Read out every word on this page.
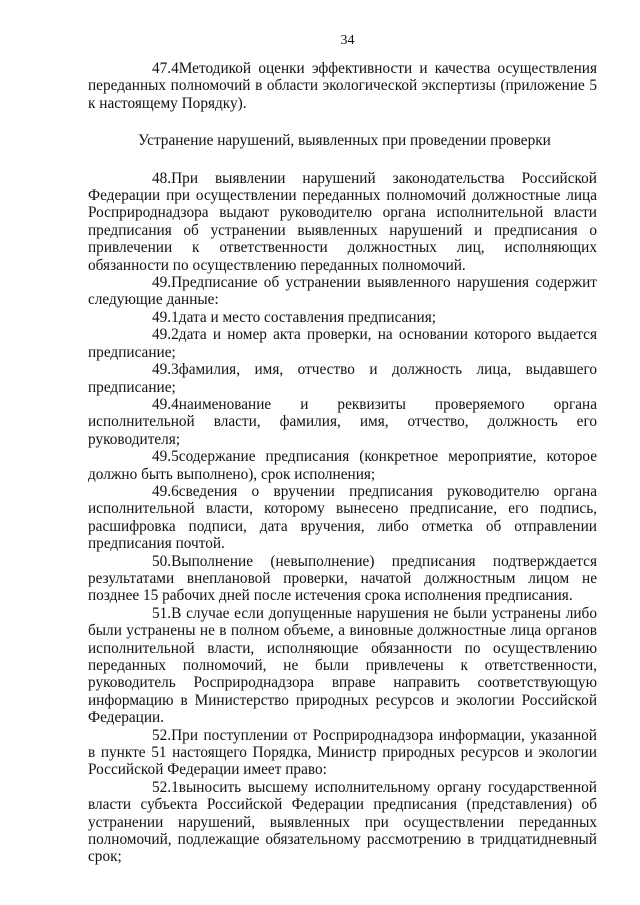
34

47.4Методикой оценки эффективности и качества осуществления переданных полномочий в области экологической экспертизы (приложение 5 к настоящему Порядку).

Устранение нарушений, выявленных при проведении проверки

48.При выявлении нарушений законодательства Российской Федерации при осуществлении переданных полномочий должностные лица Росприроднадзора выдают руководителю органа исполнительной власти предписания об устранении выявленных нарушений и предписания о привлечении к ответственности должностных лиц, исполняющих обязанности по осуществлению переданных полномочий.

49.Предписание об устранении выявленного нарушения содержит следующие данные:

49.1дата и место составления предписания;

49.2дата и номер акта проверки, на основании которого выдается предписание;

49.3фамилия, имя, отчество и должность лица, выдавшего предписание;

49.4наименование и реквизиты проверяемого органа исполнительной власти, фамилия, имя, отчество, должность его руководителя;

49.5содержание предписания (конкретное мероприятие, которое должно быть выполнено), срок исполнения;

49.6сведения о вручении предписания руководителю органа исполнительной власти, которому вынесено предписание, его подпись, расшифровка подписи, дата вручения, либо отметка об отправлении предписания почтой.

50.Выполнение (невыполнение) предписания подтверждается результатами внеплановой проверки, начатой должностным лицом не позднее 15 рабочих дней после истечения срока исполнения предписания.

51.В случае если допущенные нарушения не были устранены либо были устранены не в полном объеме, а виновные должностные лица органов исполнительной власти, исполняющие обязанности по осуществлению переданных полномочий, не были привлечены к ответственности, руководитель Росприроднадзора вправе направить соответствующую информацию в Министерство природных ресурсов и экологии Российской Федерации.

52.При поступлении от Росприроднадзора информации, указанной в пункте 51 настоящего Порядка, Министр природных ресурсов и экологии Российской Федерации имеет право:

52.1выносить высшему исполнительному органу государственной власти субъекта Российской Федерации предписания (представления) об устранении нарушений, выявленных при осуществлении переданных полномочий, подлежащие обязательному рассмотрению в тридцатидневный срок;
